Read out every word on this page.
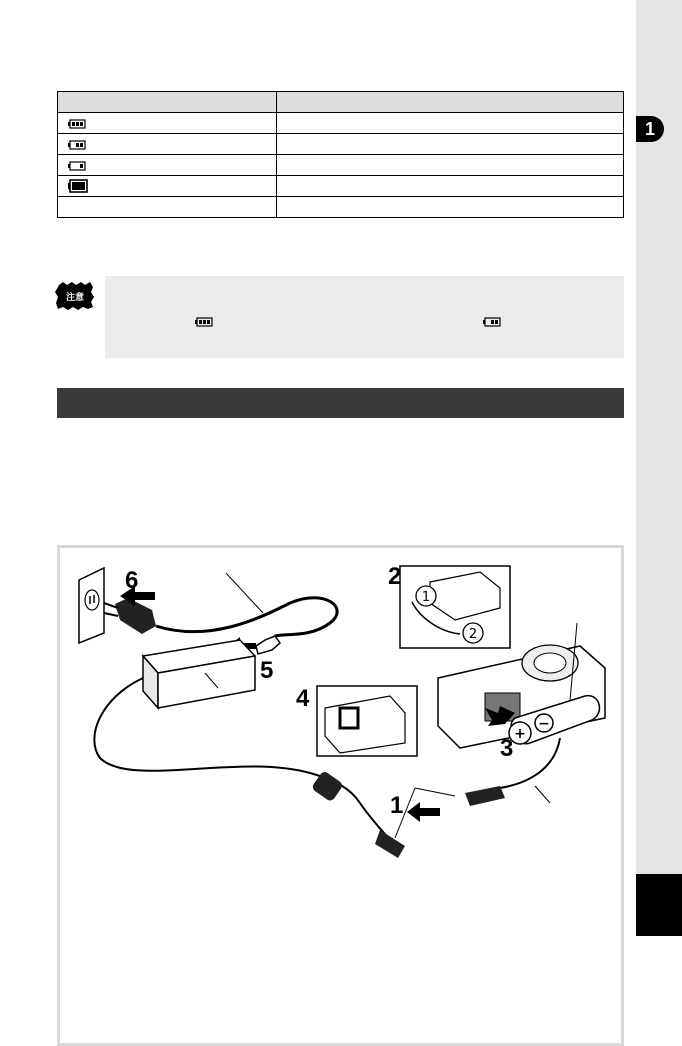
1

注意
1
2
+
−
6	2
5
4
3
1
